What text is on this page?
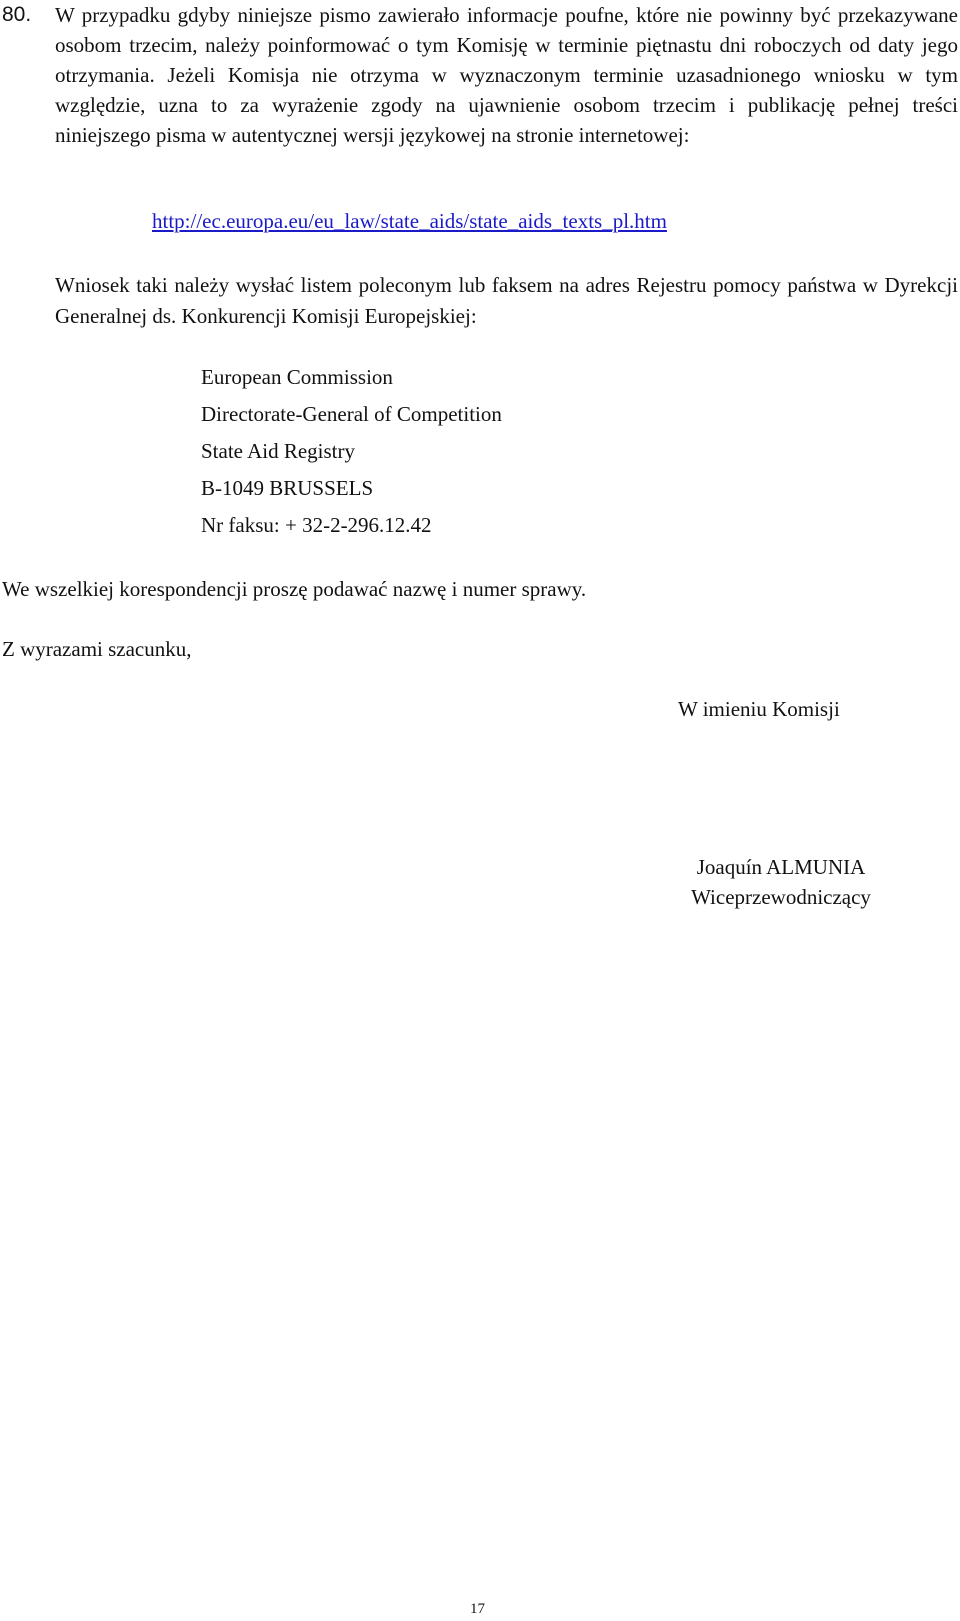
80. W przypadku gdyby niniejsze pismo zawierało informacje poufne, które nie powinny być przekazywane osobom trzecim, należy poinformować o tym Komisję w terminie piętnastu dni roboczych od daty jego otrzymania. Jeżeli Komisja nie otrzyma w wyznaczonym terminie uzasadnionego wniosku w tym względzie, uzna to za wyrażenie zgody na ujawnienie osobom trzecim i publikację pełnej treści niniejszego pisma w autentycznej wersji językowej na stronie internetowej:
http://ec.europa.eu/eu_law/state_aids/state_aids_texts_pl.htm
Wniosek taki należy wysłać listem poleconym lub faksem na adres Rejestru pomocy państwa w Dyrekcji Generalnej ds. Konkurencji Komisji Europejskiej:
European Commission
Directorate-General of Competition
State Aid Registry
B-1049 BRUSSELS
Nr faksu: + 32-2-296.12.42
We wszelkiej korespondencji proszę podawać nazwę i numer sprawy.
Z wyrazami szacunku,
W imieniu Komisji
Joaquín ALMUNIA
Wiceprzewodniczący
17
